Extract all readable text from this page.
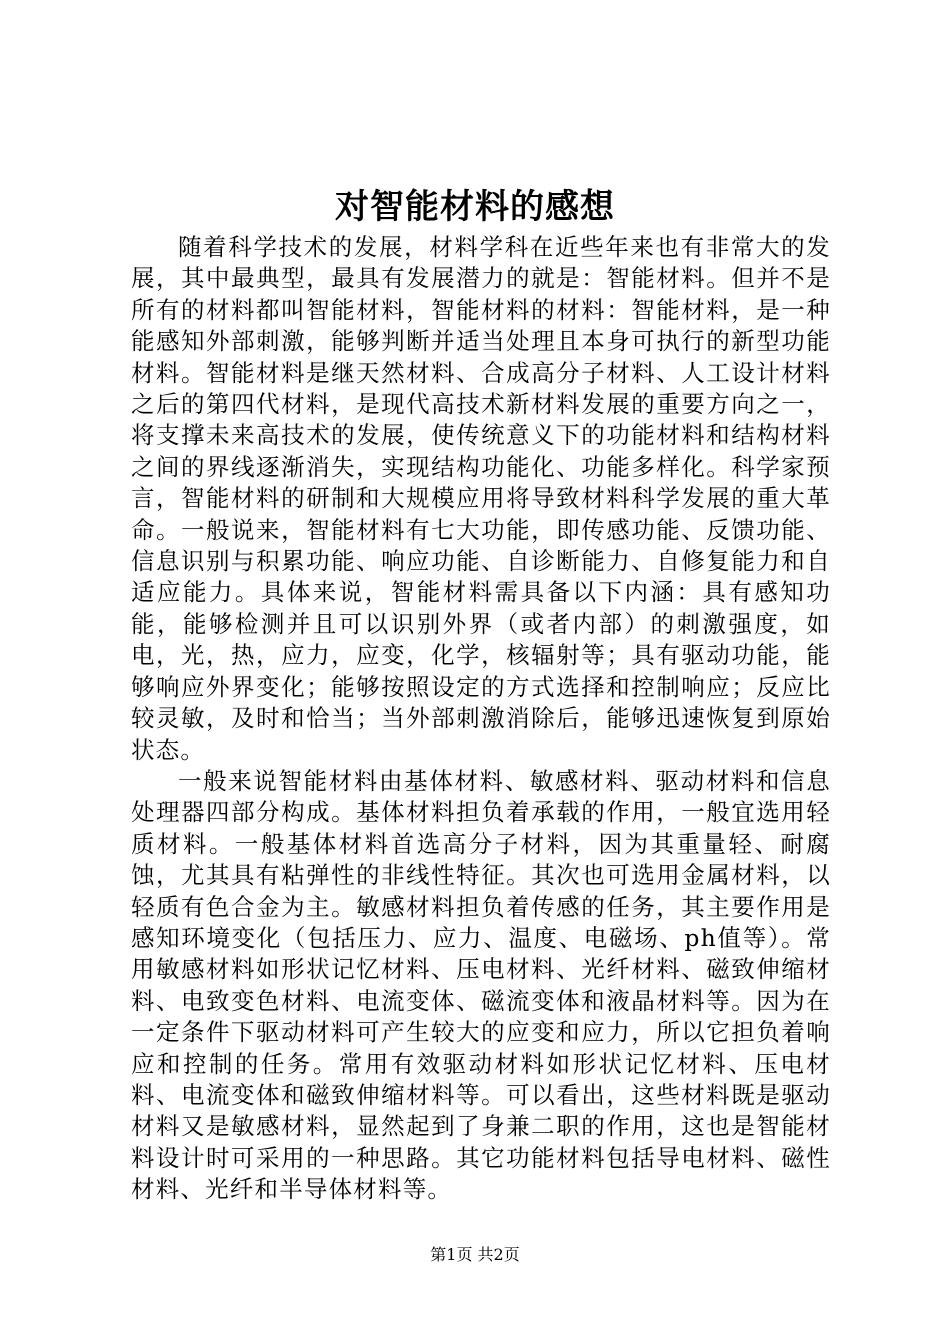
对智能材料的感想

随着科学技术的发展，材料学科在近些年来也有非常大的发展，其中最典型，最具有发展潜力的就是：智能材料。但并不是所有的材料都叫智能材料，智能材料的材料：智能材料，是一种能感知外部刺激，能够判断并适当处理且本身可执行的新型功能材料。智能材料是继天然材料、合成高分子材料、人工设计材料之后的第四代材料，是现代高技术新材料发展的重要方向之一，将支撑未来高技术的发展，使传统意义下的功能材料和结构材料之间的界线逐渐消失，实现结构功能化、功能多样化。科学家预言，智能材料的研制和大规模应用将导致材料科学发展的重大革命。一般说来，智能材料有七大功能，即传感功能、反馈功能、信息识别与积累功能、响应功能、自诊断能力、自修复能力和自适应能力。具体来说，智能材料需具备以下内涵：具有感知功能，能够检测并且可以识别外界（或者内部）的刺激强度，如电，光，热，应力，应变，化学，核辐射等；具有驱动功能，能够响应外界变化；能够按照设定的方式选择和控制响应；反应比较灵敏，及时和恰当；当外部刺激消除后，能够迅速恢复到原始状态。

一般来说智能材料由基体材料、敏感材料、驱动材料和信息处理器四部分构成。基体材料担负着承载的作用，一般宜选用轻质材料。一般基体材料首选高分子材料，因为其重量轻、耐腐蚀，尤其具有粘弹性的非线性特征。其次也可选用金属材料，以轻质有色合金为主。敏感材料担负着传感的任务，其主要作用是感知环境变化（包括压力、应力、温度、电磁场、ph值等）。常用敏感材料如形状记忆材料、压电材料、光纤材料、磁致伸缩材料、电致变色材料、电流变体、磁流变体和液晶材料等。因为在一定条件下驱动材料可产生较大的应变和应力，所以它担负着响应和控制的任务。常用有效驱动材料如形状记忆材料、压电材料、电流变体和磁致伸缩材料等。可以看出，这些材料既是驱动材料又是敏感材料，显然起到了身兼二职的作用，这也是智能材料设计时可采用的一种思路。其它功能材料包括导电材料、磁性材料、光纤和半导体材料等。

第1页 共2页
